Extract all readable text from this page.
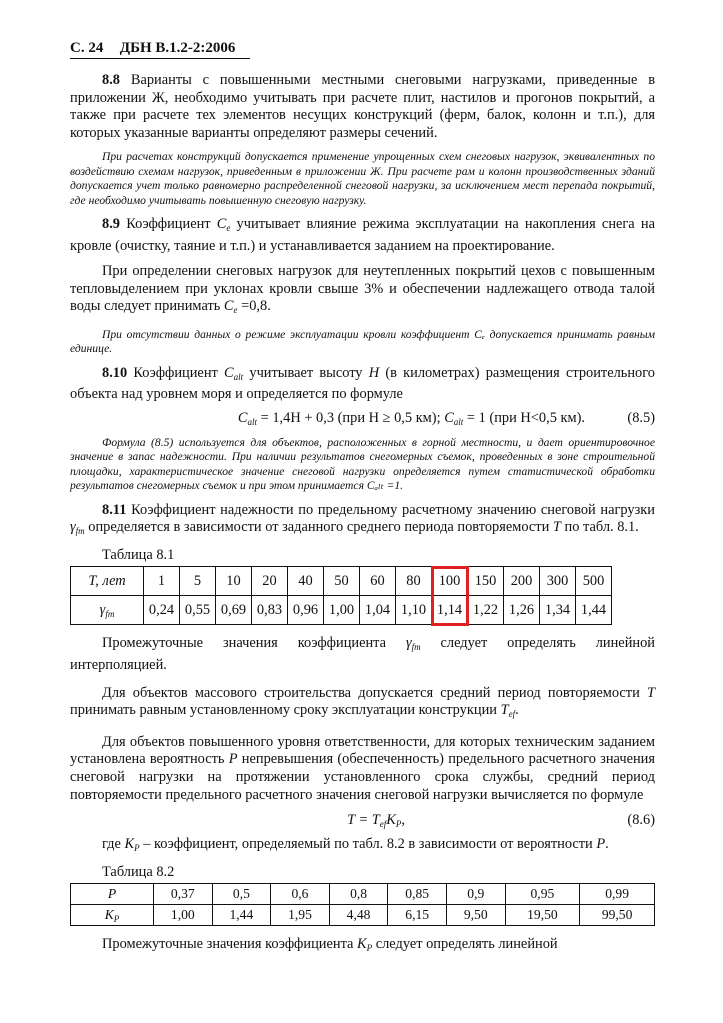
С. 24 ДБН В.1.2-2:2006

8.8 Варианты с повышенными местными снеговыми нагрузками, приведенные в приложении Ж, необходимо учитывать при расчете плит, настилов и прогонов покрытий, а также при расчете тех элементов несущих конструкций (ферм, балок, колонн и т.п.), для которых указанные варианты определяют размеры сечений.

При расчетах конструкций допускается применение упрощенных схем снеговых нагрузок, эквивалентных по воздействию схемам нагрузок, приведенным в приложении Ж. При расчете рам и колонн производственных зданий допускается учет только равномерно распределенной снеговой нагрузки, за исключением мест перепада покрытий, где необходимо учитывать повышенную снеговую нагрузку.

8.9 Коэффициент $C_e$ учитывает влияние режима эксплуатации на накопления снега на кровле (очистку, таяние и т.п.) и устанавливается заданием на проектирование.

При определении снеговых нагрузок для неутепленных покрытий цехов с повышенным тепловыделением при уклонах кровли свыше 3% и обеспечении надлежащего отвода талой воды следует принимать $C_e =0,8$.

При отсутствии данных о режиме эксплуатации кровли коэффициент Cₑ допускается принимать равным единице.

8.10 Коэффициент $C_{alt}$ учитывает высоту H (в километрах) размещения строительного объекта над уровнем моря и определяется по формуле

$C_{alt} = 1,4H + 0,3$ (при H ≥ 0,5 км); $C_{alt} = 1$ (при H<0,5 км).	(8.5)

Формула (8.5) используется для объектов, расположенных в горной местности, и дает ориентировочное значение в запас надежности. При наличии результатов снегомерных съемок, проведенных в зоне строительной площадки, характеристическое значение снеговой нагрузки определяется путем статистической обработки результатов снегомерных съемок и при этом принимается Cₐₗₜ =1.

8.11 Коэффициент надежности по предельному расчетному значению снеговой нагрузки $\gamma_{fm}$ определяется в зависимости от заданного среднего периода повторяемости T по табл. 8.1.

Таблица 8.1
T, лет	1	5	10	20	40	50	60	80	100	150	200	300	500
$\gamma_{fm}$	0,24	0,55	0,69	0,83	0,96	1,00	1,04	1,10	1,14	1,22	1,26	1,34	1,44

Промежуточные значения коэффициента $\gamma_{fm}$ следует определять линейной интерполяцией.

Для объектов массового строительства допускается средний период повторяемости T принимать равным установленному сроку эксплуатации конструкции $T_{ef}$.

Для объектов повышенного уровня ответственности, для которых техническим заданием установлена вероятность P непревышения (обеспеченность) предельного расчетного значения снеговой нагрузки на протяжении установленного срока службы, средний период повторяемости предельного расчетного значения снеговой нагрузки вычисляется по формуле

$T = T_{ef}K_P$,	(8.6)

где $K_P$ – коэффициент, определяемый по табл. 8.2 в зависимости от вероятности P.

Таблица 8.2
P	0,37	0,5	0,6	0,8	0,85	0,9	0,95	0,99
$K_P$	1,00	1,44	1,95	4,48	6,15	9,50	19,50	99,50

Промежуточные значения коэффициента $K_P$ следует определять линейной
